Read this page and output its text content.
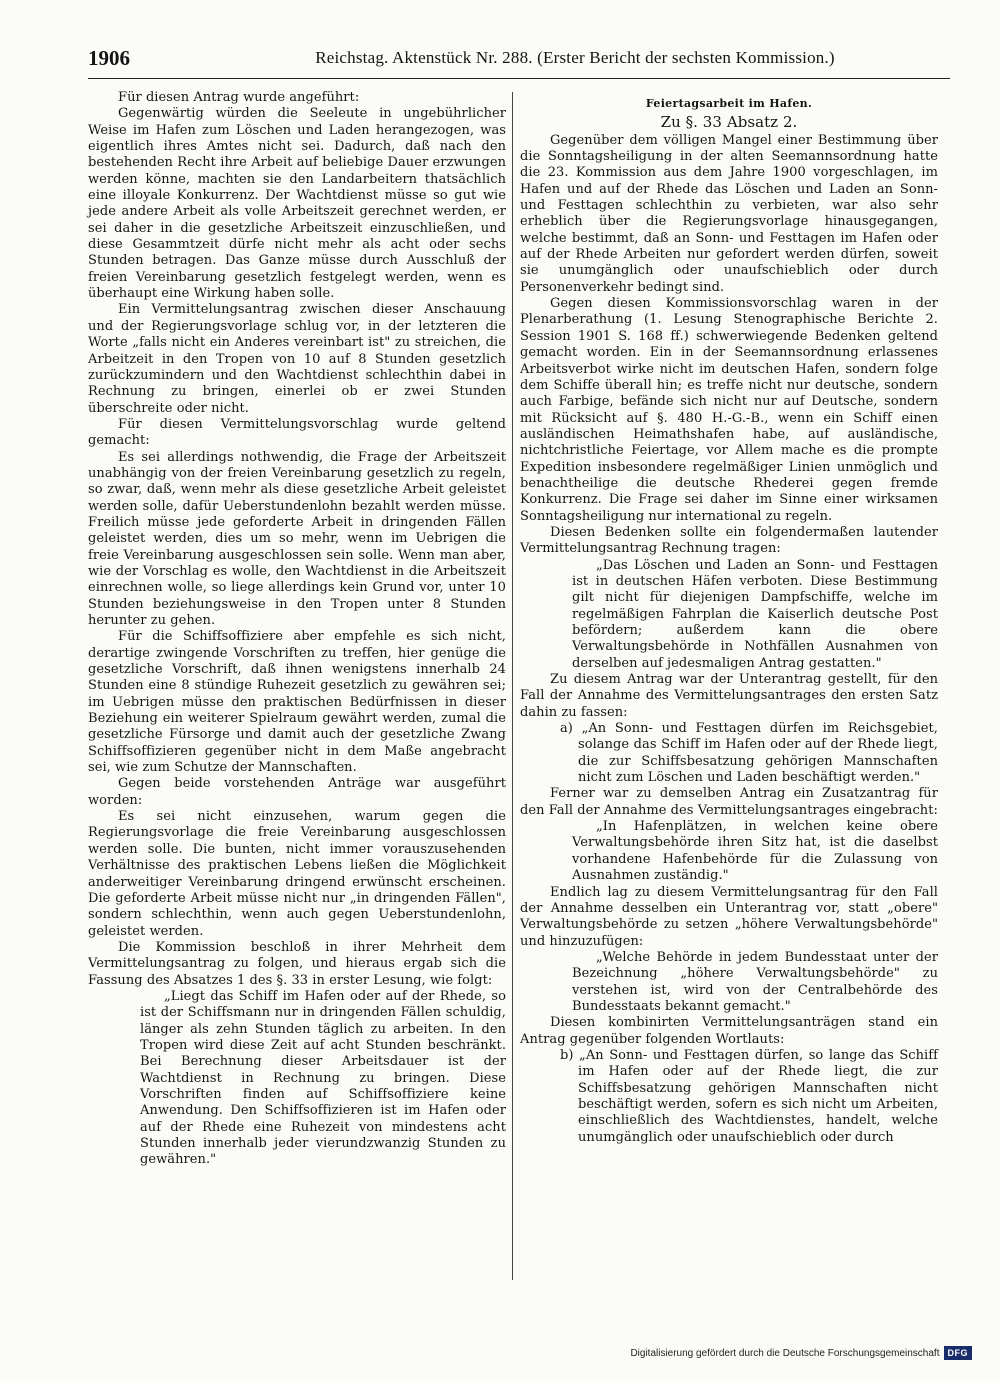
1906	Reichstag. Aktenstück Nr. 288. (Erster Bericht der sechsten Kommission.)

Für diesen Antrag wurde angeführt:

Gegenwärtig würden die Seeleute in ungebührlicher Weise im Hafen zum Löschen und Laden herangezogen, was eigentlich ihres Amtes nicht sei. Dadurch, daß nach den bestehenden Recht ihre Arbeit auf beliebige Dauer erzwungen werden könne, machten sie den Landarbeitern thatsächlich eine illoyale Konkurrenz. Der Wachtdienst müsse so gut wie jede andere Arbeit als volle Arbeitszeit gerechnet werden, er sei daher in die gesetzliche Arbeitszeit einzuschließen, und diese Gesammtzeit dürfe nicht mehr als acht oder sechs Stunden betragen. Das Ganze müsse durch Ausschluß der freien Vereinbarung gesetzlich festgelegt werden, wenn es überhaupt eine Wirkung haben solle.

Ein Vermittelungsantrag zwischen dieser Anschauung und der Regierungsvorlage schlug vor, in der letzteren die Worte „falls nicht ein Anderes vereinbart ist" zu streichen, die Arbeitzeit in den Tropen von 10 auf 8 Stunden gesetzlich zurückzumindern und den Wachtdienst schlechthin dabei in Rechnung zu bringen, einerlei ob er zwei Stunden überschreite oder nicht.

Für diesen Vermittelungsvorschlag wurde geltend gemacht:

Es sei allerdings nothwendig, die Frage der Arbeitszeit unabhängig von der freien Vereinbarung gesetzlich zu regeln, so zwar, daß, wenn mehr als diese gesetzliche Arbeit geleistet werden solle, dafür Ueberstundenlohn bezahlt werden müsse. Freilich müsse jede geforderte Arbeit in dringenden Fällen geleistet werden, dies um so mehr, wenn im Uebrigen die freie Vereinbarung ausgeschlossen sein solle. Wenn man aber, wie der Vorschlag es wolle, den Wachtdienst in die Arbeitszeit einrechnen wolle, so liege allerdings kein Grund vor, unter 10 Stunden beziehungsweise in den Tropen unter 8 Stunden herunter zu gehen.

Für die Schiffsoffiziere aber empfehle es sich nicht, derartige zwingende Vorschriften zu treffen, hier genüge die gesetzliche Vorschrift, daß ihnen wenigstens innerhalb 24 Stunden eine 8 stündige Ruhezeit gesetzlich zu gewähren sei; im Uebrigen müsse den praktischen Bedürfnissen in dieser Beziehung ein weiterer Spielraum gewährt werden, zumal die gesetzliche Fürsorge und damit auch der gesetzliche Zwang Schiffsoffizieren gegenüber nicht in dem Maße angebracht sei, wie zum Schutze der Mannschaften.

Gegen beide vorstehenden Anträge war ausgeführt worden:

Es sei nicht einzusehen, warum gegen die Regierungsvorlage die freie Vereinbarung ausgeschlossen werden solle. Die bunten, nicht immer vorauszusehenden Verhältnisse des praktischen Lebens ließen die Möglichkeit anderweitiger Vereinbarung dringend erwünscht erscheinen. Die geforderte Arbeit müsse nicht nur „in dringenden Fällen", sondern schlechthin, wenn auch gegen Ueberstundenlohn, geleistet werden.

Die Kommission beschloß in ihrer Mehrheit dem Vermittelungsantrag zu folgen, und hieraus ergab sich die Fassung des Absatzes 1 des §. 33 in erster Lesung, wie folgt:

„Liegt das Schiff im Hafen oder auf der Rhede, so ist der Schiffsmann nur in dringenden Fällen schuldig, länger als zehn Stunden täglich zu arbeiten. In den Tropen wird diese Zeit auf acht Stunden beschränkt. Bei Berechnung dieser Arbeitsdauer ist der Wachtdienst in Rechnung zu bringen. Diese Vorschriften finden auf Schiffsoffiziere keine Anwendung. Den Schiffsoffizieren ist im Hafen oder auf der Rhede eine Ruhezeit von mindestens acht Stunden innerhalb jeder vierundzwanzig Stunden zu gewähren."

Feiertagsarbeit im Hafen.

Zu §. 33 Absatz 2.

Gegenüber dem völligen Mangel einer Bestimmung über die Sonntagsheiligung in der alten Seemannsordnung hatte die 23. Kommission aus dem Jahre 1900 vorgeschlagen, im Hafen und auf der Rhede das Löschen und Laden an Sonn- und Festtagen schlechthin zu verbieten, war also sehr erheblich über die Regierungsvorlage hinausgegangen, welche bestimmt, daß an Sonn- und Festtagen im Hafen oder auf der Rhede Arbeiten nur gefordert werden dürfen, soweit sie unumgänglich oder unaufschieblich oder durch Personenverkehr bedingt sind.

Gegen diesen Kommissionsvorschlag waren in der Plenarberathung (1. Lesung Stenographische Berichte 2. Session 1901 S. 168 ff.) schwerwiegende Bedenken geltend gemacht worden. Ein in der Seemannsordnung erlassenes Arbeitsverbot wirke nicht im deutschen Hafen, sondern folge dem Schiffe überall hin; es treffe nicht nur deutsche, sondern auch Farbige, befände sich nicht nur auf Deutsche, sondern mit Rücksicht auf §. 480 H.-G.-B., wenn ein Schiff einen ausländischen Heimathshafen habe, auf ausländische, nichtchristliche Feiertage, vor Allem mache es die prompte Expedition insbesondere regelmäßiger Linien unmöglich und benachtheilige die deutsche Rhederei gegen fremde Konkurrenz. Die Frage sei daher im Sinne einer wirksamen Sonntagsheiligung nur international zu regeln.

Diesen Bedenken sollte ein folgendermaßen lautender Vermittelungsantrag Rechnung tragen:

„Das Löschen und Laden an Sonn- und Festtagen ist in deutschen Häfen verboten. Diese Bestimmung gilt nicht für diejenigen Dampfschiffe, welche im regelmäßigen Fahrplan die Kaiserlich deutsche Post befördern; außerdem kann die obere Verwaltungsbehörde in Nothfällen Ausnahmen von derselben auf jedesmaligen Antrag gestatten."

Zu diesem Antrag war der Unterantrag gestellt, für den Fall der Annahme des Vermittelungsantrages den ersten Satz dahin zu fassen:

a) „An Sonn- und Festtagen dürfen im Reichsgebiet, solange das Schiff im Hafen oder auf der Rhede liegt, die zur Schiffsbesatzung gehörigen Mannschaften nicht zum Löschen und Laden beschäftigt werden."

Ferner war zu demselben Antrag ein Zusatzantrag für den Fall der Annahme des Vermittelungsantrages eingebracht:

„In Hafenplätzen, in welchen keine obere Verwaltungsbehörde ihren Sitz hat, ist die daselbst vorhandene Hafenbehörde für die Zulassung von Ausnahmen zuständig."

Endlich lag zu diesem Vermittelungsantrag für den Fall der Annahme desselben ein Unterantrag vor, statt „obere" Verwaltungsbehörde zu setzen „höhere Verwaltungsbehörde" und hinzuzufügen:

„Welche Behörde in jedem Bundesstaat unter der Bezeichnung „höhere Verwaltungsbehörde" zu verstehen ist, wird von der Centralbehörde des Bundesstaats bekannt gemacht."

Diesen kombinirten Vermittelungsanträgen stand ein Antrag gegenüber folgenden Wortlauts:

b) „An Sonn- und Festtagen dürfen, so lange das Schiff im Hafen oder auf der Rhede liegt, die zur Schiffsbesatzung gehörigen Mannschaften nicht beschäftigt werden, sofern es sich nicht um Arbeiten, einschließlich des Wachtdienstes, handelt, welche unumgänglich oder unaufschieblich oder durch

Digitalisierung gefördert durch die Deutsche Forschungsgemeinschaft DFG
